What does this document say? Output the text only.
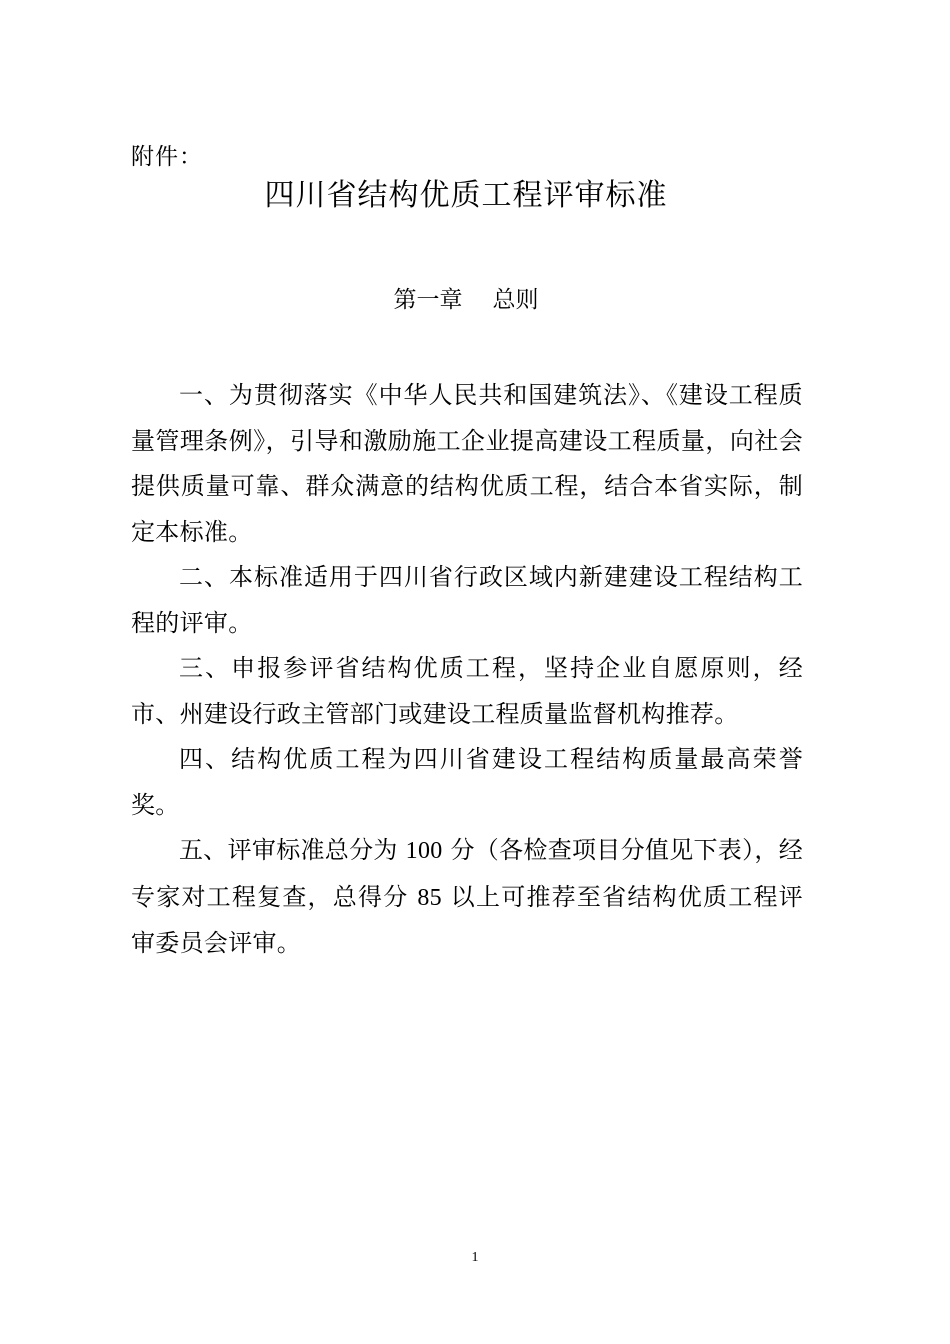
附件：
四川省结构优质工程评审标准
第一章 总则

一、为贯彻落实《中华人民共和国建筑法》、《建设工程质量管理条例》，引导和激励施工企业提高建设工程质量，向社会提供质量可靠、群众满意的结构优质工程，结合本省实际，制定本标准。

二、本标准适用于四川省行政区域内新建建设工程结构工程的评审。

三、申报参评省结构优质工程，坚持企业自愿原则，经市、州建设行政主管部门或建设工程质量监督机构推荐。

四、结构优质工程为四川省建设工程结构质量最高荣誉奖。

五、评审标准总分为 100 分（各检查项目分值见下表），经专家对工程复查，总得分 85 以上可推荐至省结构优质工程评审委员会评审。

1
